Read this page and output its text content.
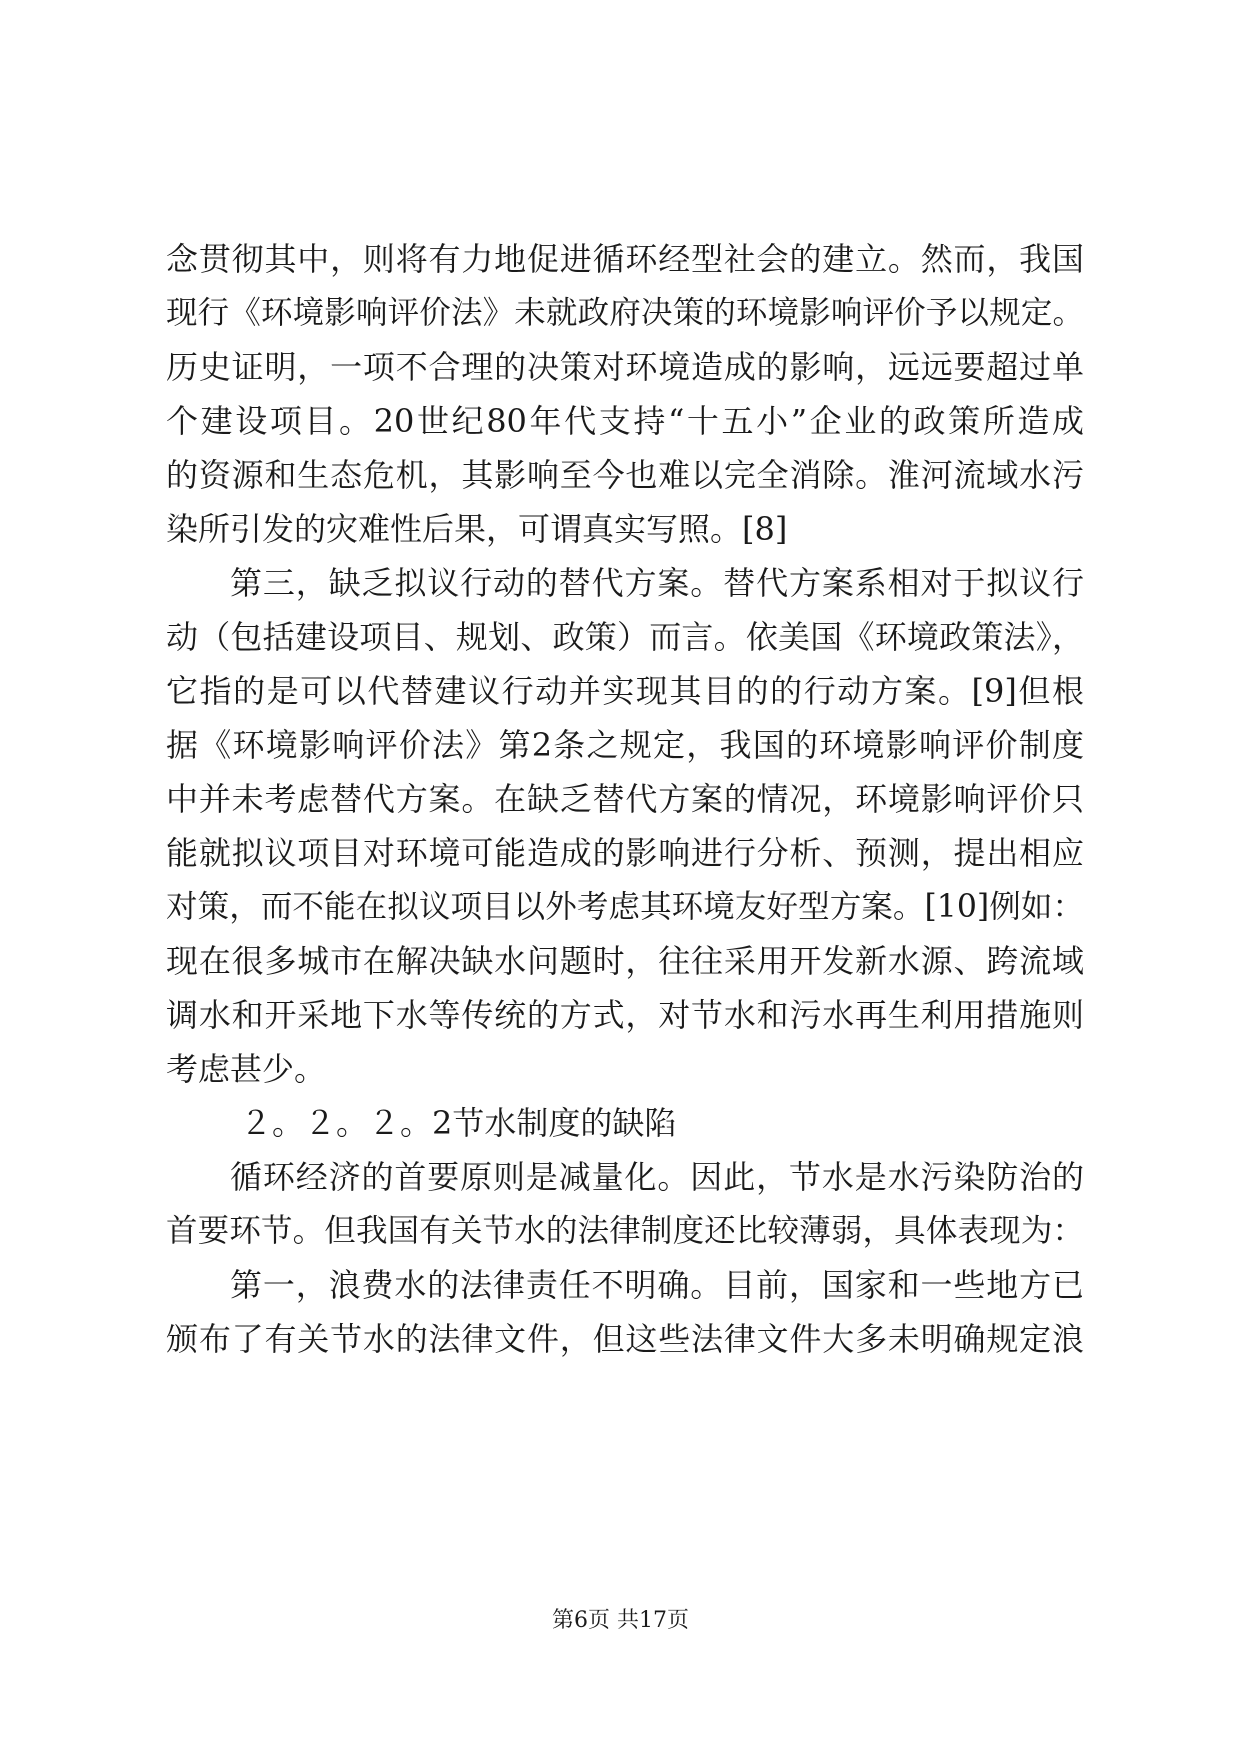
念贯彻其中，则将有力地促进循环经型社会的建立。然而，我国
现行《环境影响评价法》未就政府决策的环境影响评价予以规定。
历史证明，一项不合理的决策对环境造成的影响，远远要超过单
个建设项目。20世纪80年代支持“十五小”企业的政策所造成
的资源和生态危机，其影响至今也难以完全消除。淮河流域水污
染所引发的灾难性后果，可谓真实写照。[8]
第三，缺乏拟议行动的替代方案。替代方案系相对于拟议行
动（包括建设项目、规划、政策）而言。依美国《环境政策法》，
它指的是可以代替建议行动并实现其目的的行动方案。[9]但根
据《环境影响评价法》第2条之规定，我国的环境影响评价制度
中并未考虑替代方案。在缺乏替代方案的情况，环境影响评价只
能就拟议项目对环境可能造成的影响进行分析、预测，提出相应
对策，而不能在拟议项目以外考虑其环境友好型方案。[10]例如：
现在很多城市在解决缺水问题时，往往采用开发新水源、跨流域
调水和开采地下水等传统的方式，对节水和污水再生利用措施则
考虑甚少。
２。２。２。2节水制度的缺陷
循环经济的首要原则是减量化。因此，节水是水污染防治的
首要环节。但我国有关节水的法律制度还比较薄弱，具体表现为：
第一，浪费水的法律责任不明确。目前，国家和一些地方已
颁布了有关节水的法律文件，但这些法律文件大多未明确规定浪
第6页 共17页
